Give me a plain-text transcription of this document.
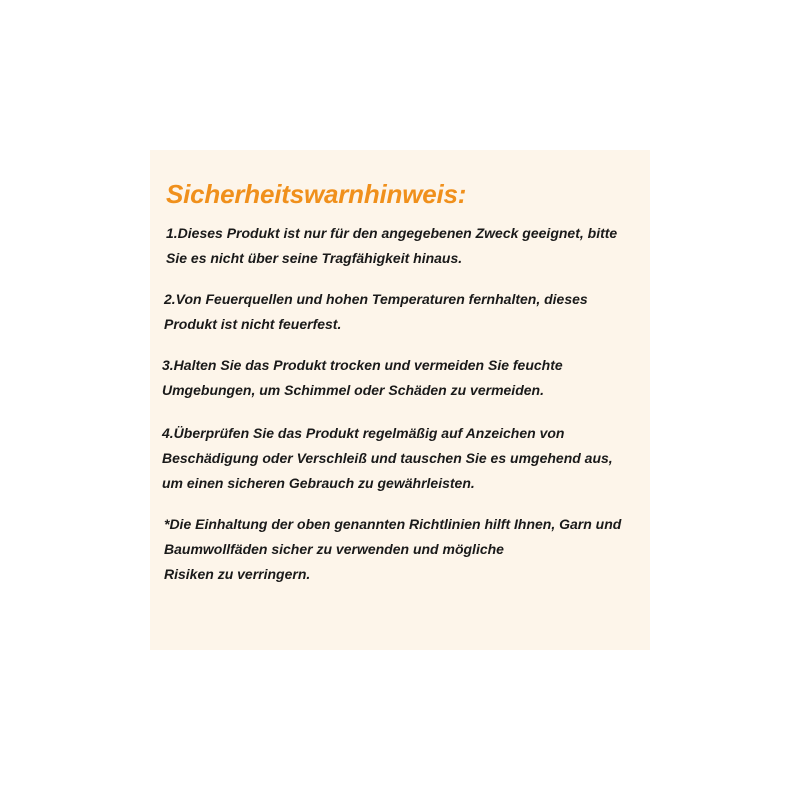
Sicherheitswarnhinweis:

1.Dieses Produkt ist nur für den angegebenen Zweck geeignet, bitte
Sie es nicht über seine Tragfähigkeit hinaus.

2.Von Feuerquellen und hohen Temperaturen fernhalten, dieses
Produkt ist nicht feuerfest.

3.Halten Sie das Produkt trocken und vermeiden Sie feuchte
Umgebungen, um Schimmel oder Schäden zu vermeiden.

4.Überprüfen Sie das Produkt regelmäßig auf Anzeichen von
Beschädigung oder Verschleiß und tauschen Sie es umgehend aus,
um einen sicheren Gebrauch zu gewährleisten.

*Die Einhaltung der oben genannten Richtlinien hilft Ihnen, Garn und
Baumwollfäden sicher zu verwenden und mögliche
Risiken zu verringern.
